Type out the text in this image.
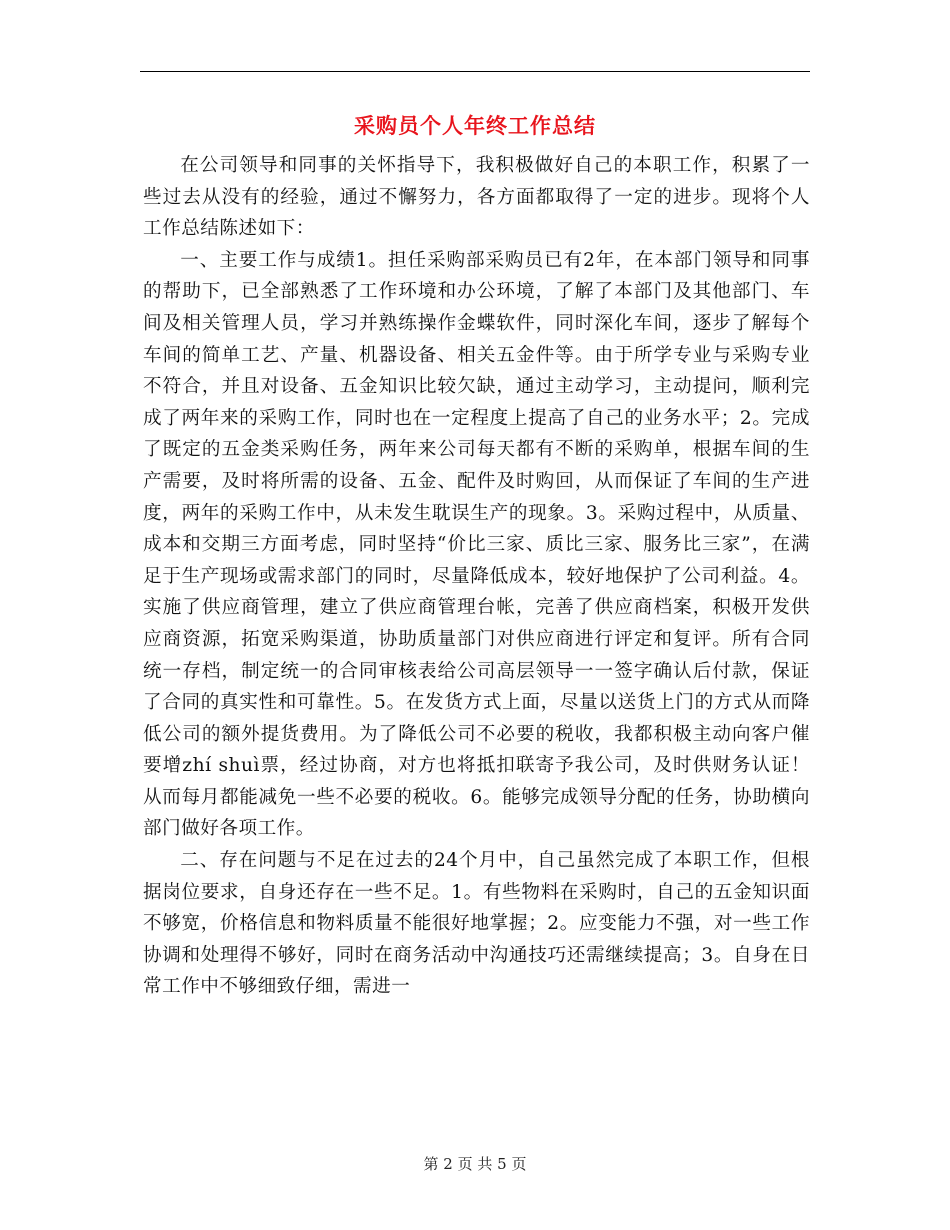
采购员个人年终工作总结

在公司领导和同事的关怀指导下，我积极做好自己的本职工作，积累了一些过去从没有的经验，通过不懈努力，各方面都取得了一定的进步。现将个人工作总结陈述如下：

一、主要工作与成绩1。担任采购部采购员已有2年，在本部门领导和同事的帮助下，已全部熟悉了工作环境和办公环境，了解了本部门及其他部门、车间及相关管理人员，学习并熟练操作金蝶软件，同时深化车间，逐步了解每个车间的简单工艺、产量、机器设备、相关五金件等。由于所学专业与采购专业不符合，并且对设备、五金知识比较欠缺，通过主动学习，主动提问，顺利完成了两年来的采购工作，同时也在一定程度上提高了自己的业务水平；2。完成了既定的五金类采购任务，两年来公司每天都有不断的采购单，根据车间的生产需要，及时将所需的设备、五金、配件及时购回，从而保证了车间的生产进度，两年的采购工作中，从未发生耽误生产的现象。3。采购过程中，从质量、成本和交期三方面考虑，同时坚持“价比三家、质比三家、服务比三家”，在满足于生产现场或需求部门的同时，尽量降低成本，较好地保护了公司利益。4。实施了供应商管理，建立了供应商管理台帐，完善了供应商档案，积极开发供应商资源，拓宽采购渠道，协助质量部门对供应商进行评定和复评。所有合同统一存档，制定统一的合同审核表给公司高层领导一一签字确认后付款，保证了合同的真实性和可靠性。5。在发货方式上面，尽量以送货上门的方式从而降低公司的额外提货费用。为了降低公司不必要的税收，我都积极主动向客户催要增zhí shuì票，经过协商，对方也将抵扣联寄予我公司，及时供财务认证！从而每月都能减免一些不必要的税收。6。能够完成领导分配的任务，协助横向部门做好各项工作。

二、存在问题与不足在过去的24个月中，自己虽然完成了本职工作，但根据岗位要求，自身还存在一些不足。1。有些物料在采购时，自己的五金知识面不够宽，价格信息和物料质量不能很好地掌握；2。应变能力不强，对一些工作协调和处理得不够好，同时在商务活动中沟通技巧还需继续提高；3。自身在日常工作中不够细致仔细，需进一

第 2 页 共 5 页
